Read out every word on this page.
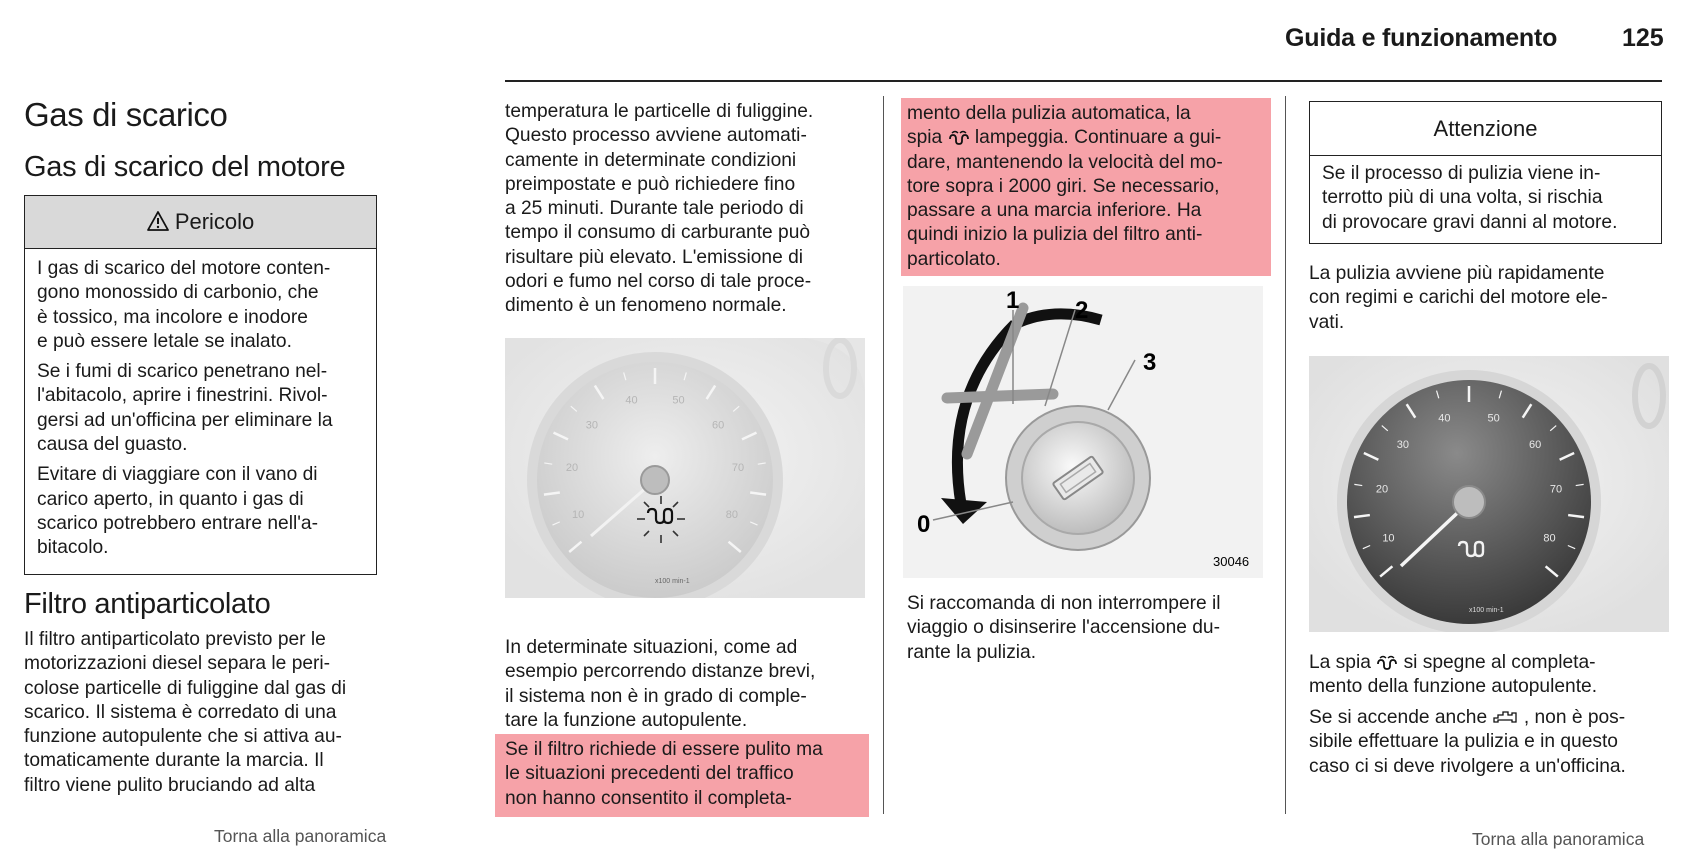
Guida e funzionamento	125
Gas di scarico
Gas di scarico del motore
Pericolo

I gas di scarico del motore conten-
gono monossido di carbonio, che
è tossico, ma incolore e inodore
e può essere letale se inalato.

Se i fumi di scarico penetrano nel-
l'abitacolo, aprire i finestrini. Rivol-
gersi ad un'officina per eliminare la
causa del guasto.

Evitare di viaggiare con il vano di
carico aperto, in quanto i gas di
scarico potrebbero entrare nell'a-
bitacolo.

Filtro antiparticolato
Il filtro antiparticolato previsto per le
motorizzazioni diesel separa le peri-
colose particelle di fuliggine dal gas di
scarico. Il sistema è corredato di una
funzione autopulente che si attiva au-
tomaticamente durante la marcia. Il
filtro viene pulito bruciando ad alta
Torna alla panoramica
temperatura le particelle di fuliggine.
Questo processo avviene automati-
camente in determinate condizioni
preimpostate e può richiedere fino
a 25 minuti. Durante tale periodo di
tempo il consumo di carburante può
risultare più elevato. L'emissione di
odori e fumo nel corso di tale proce-
dimento è un fenomeno normale.
10
20
30
40	50
60
70
80
x100 min-1
In determinate situazioni, come ad
esempio percorrendo distanze brevi,
il sistema non è in grado di comple-
tare la funzione autopulente.
Se il filtro richiede di essere pulito ma
le situazioni precedenti del traffico
non hanno consentito il completa-
mento della pulizia automatica, la
spia lampeggia. Continuare a gui-
dare, mantenendo la velocità del mo-
tore sopra i 2000 giri. Se necessario,
passare a una marcia inferiore. Ha
quindi inizio la pulizia del filtro anti-
particolato.
1 2
3
0
30046
Si raccomanda di non interrompere il
viaggio o disinserire l'accensione du-
rante la pulizia.
Attenzione
Se il processo di pulizia viene in-
terrotto più di una volta, si rischia
di provocare gravi danni al motore.
La pulizia avviene più rapidamente
con regimi e carichi del motore ele-
vati.
10
20
30
40	50
60
70
80
x100 min-1
La spia si spegne al completa-
mento della funzione autopulente.
Se si accende anche , non è pos-
sibile effettuare la pulizia e in questo
caso ci si deve rivolgere a un'officina.
Torna alla panoramica
